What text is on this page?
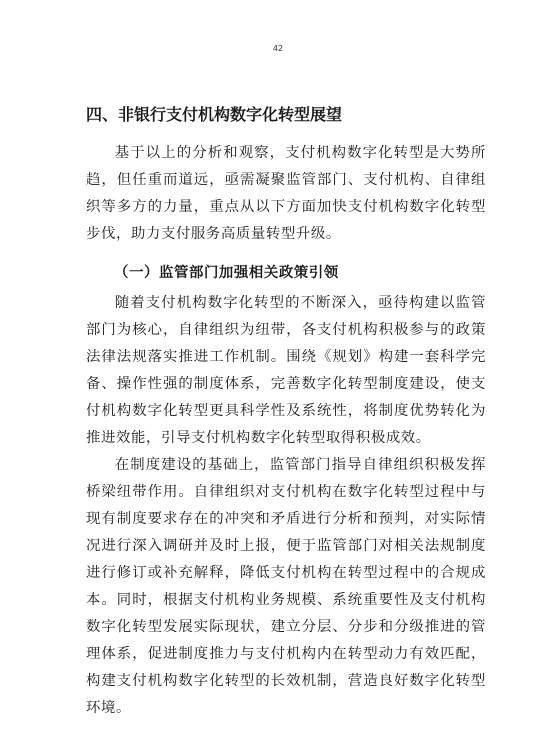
42
四、非银行支付机构数字化转型展望

基于以上的分析和观察，支付机构数字化转型是大势所趋，但任重而道远，亟需凝聚监管部门、支付机构、自律组织等多方的力量，重点从以下方面加快支付机构数字化转型步伐，助力支付服务高质量转型升级。

（一）监管部门加强相关政策引领

随着支付机构数字化转型的不断深入，亟待构建以监管部门为核心，自律组织为纽带，各支付机构积极参与的政策法律法规落实推进工作机制。围绕《规划》构建一套科学完备、操作性强的制度体系，完善数字化转型制度建设，使支付机构数字化转型更具科学性及系统性，将制度优势转化为推进效能，引导支付机构数字化转型取得积极成效。

在制度建设的基础上，监管部门指导自律组织积极发挥桥梁纽带作用。自律组织对支付机构在数字化转型过程中与现有制度要求存在的冲突和矛盾进行分析和预判，对实际情况进行深入调研并及时上报，便于监管部门对相关法规制度进行修订或补充解释，降低支付机构在转型过程中的合规成本。同时，根据支付机构业务规模、系统重要性及支付机构数字化转型发展实际现状，建立分层、分步和分级推进的管理体系，促进制度推力与支付机构内在转型动力有效匹配，构建支付机构数字化转型的长效机制，营造良好数字化转型环境。
